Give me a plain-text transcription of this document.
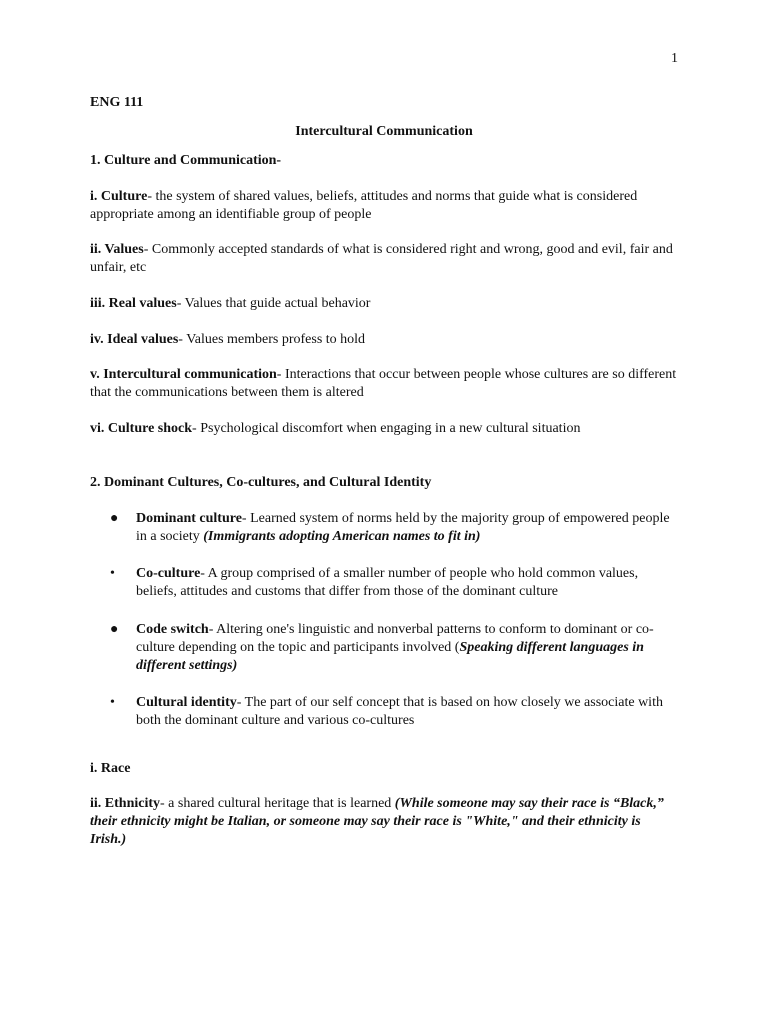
1
ENG 111
Intercultural Communication
1. Culture and Communication-
i. Culture- the system of shared values, beliefs, attitudes and norms that guide what is considered appropriate among an identifiable group of people
ii. Values- Commonly accepted standards of what is considered right and wrong, good and evil, fair and unfair, etc
iii. Real values- Values that guide actual behavior
iv. Ideal values- Values members profess to hold
v. Intercultural communication- Interactions that occur between people whose cultures are so different that the communications between them is altered
vi. Culture shock- Psychological discomfort when engaging in a new cultural situation
2. Dominant Cultures, Co-cultures, and Cultural Identity
●	Dominant culture- Learned system of norms held by the majority group of empowered people in a society (Immigrants adopting American names to fit in)
•	Co-culture- A group comprised of a smaller number of people who hold common values, beliefs, attitudes and customs that differ from those of the dominant culture
●	Code switch- Altering one's linguistic and nonverbal patterns to conform to dominant or co- culture depending on the topic and participants involved (Speaking different languages in different settings)
•	Cultural identity- The part of our self concept that is based on how closely we associate with both the dominant culture and various co-cultures
i. Race
ii. Ethnicity- a shared cultural heritage that is learned (While someone may say their race is “Black,” their ethnicity might be Italian, or someone may say their race is "White," and their ethnicity is Irish.)
